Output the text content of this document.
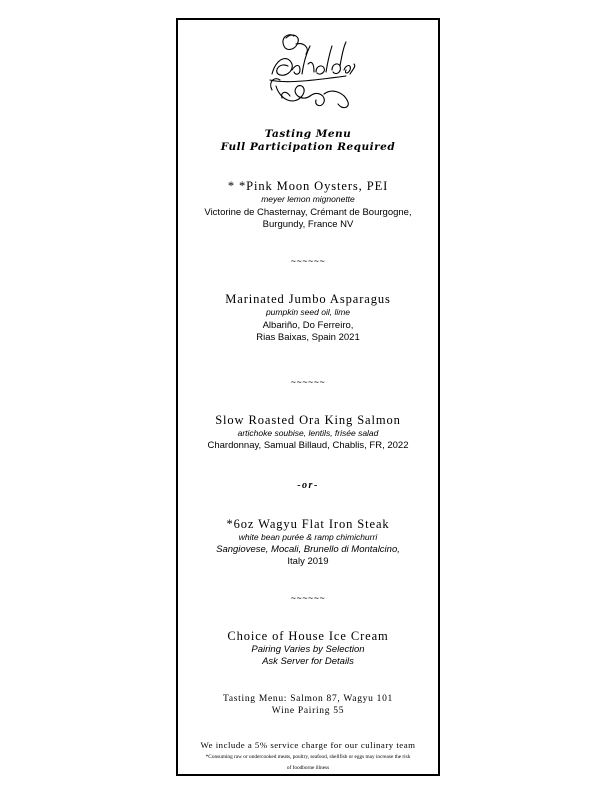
beholder
Tasting Menu
Full Participation Required
* *Pink Moon Oysters, PEI
meyer lemon mignonette
Victorine de Chasternay, Crémant de Bourgogne,
Burgundy, France NV
~~~~~~
Marinated Jumbo Asparagus
pumpkin seed oil, lime
Albariño, Do Ferreiro,
Rias Baixas, Spain 2021
~~~~~~
Slow Roasted Ora King Salmon
artichoke soubise, lentils, frisée salad
Chardonnay, Samual Billaud, Chablis, FR, 2022
-or-
*6oz Wagyu Flat Iron Steak
white bean purée & ramp chimichurri
Sangiovese, Mocali, Brunello di Montalcino,
Italy 2019
~~~~~~
Choice of House Ice Cream
Pairing Varies by Selection
Ask Server for Details
Tasting Menu: Salmon 87, Wagyu 101
Wine Pairing 55
We include a 5% service charge for our culinary team
*Consuming raw or undercooked meats, poultry, seafood, shellfish or eggs may increase the risk
of foodborne illness
